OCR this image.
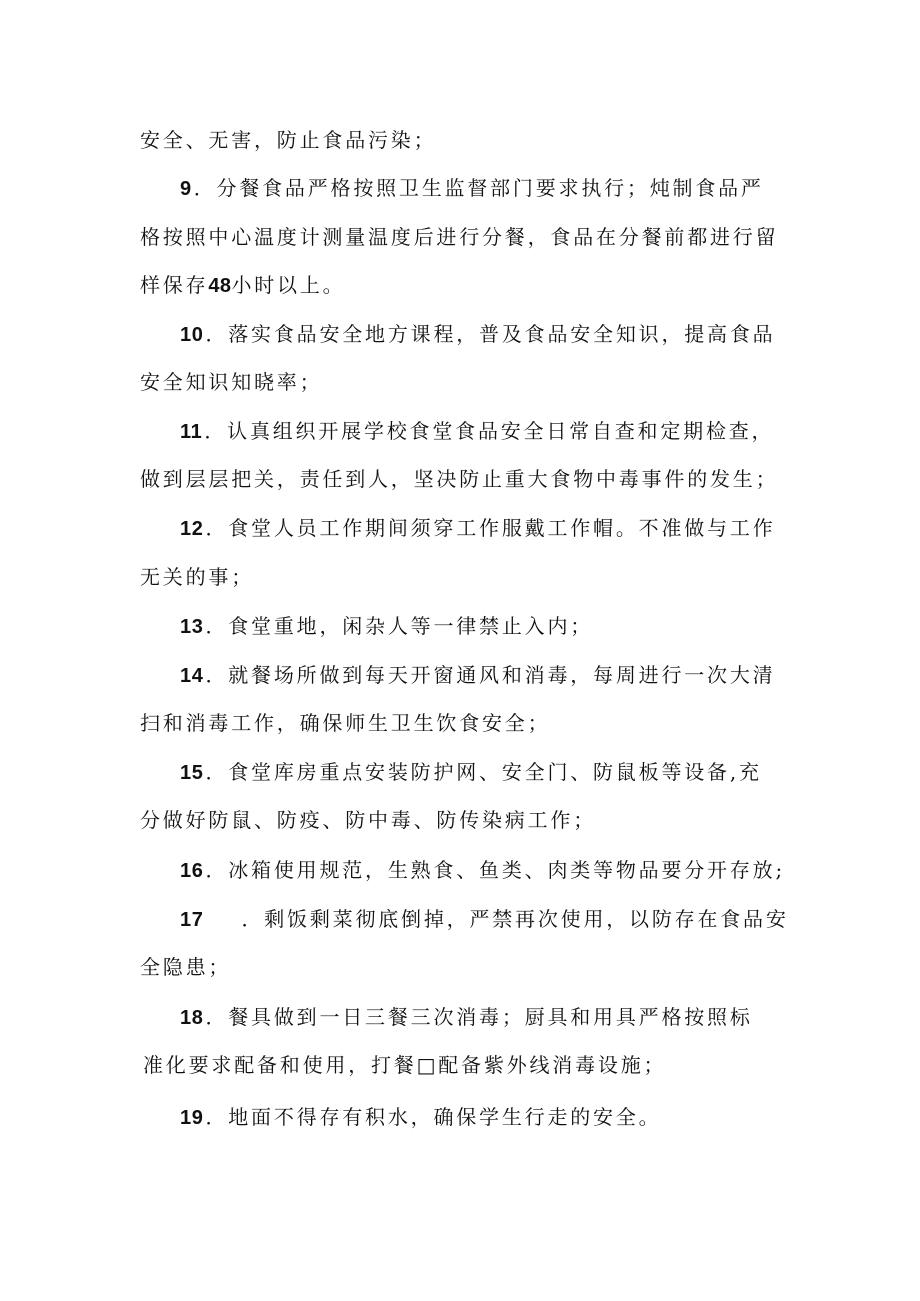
安全、无害，防止食品污染；
9 ．分餐食品严格按照卫生监督部门要求执行；炖制食品严
格按照中心温度计测量温度后进行分餐，食品在分餐前都进行留
样保存48小时以上。
10 ．落实食品安全地方课程，普及食品安全知识，提高食品
安全知识知晓率；
11 ．认真组织开展学校食堂食品安全日常自查和定期检查，
做到层层把关，责任到人，坚决防止重大食物中毒事件的发生；
12 ．食堂人员工作期间须穿工作服戴工作帽。不准做与工作
无关的事；
13 ．食堂重地，闲杂人等一律禁止入内；
14 ．就餐场所做到每天开窗通风和消毒，每周进行一次大清
扫和消毒工作，确保师生卫生饮食安全；
15 ．食堂库房重点安装防护网、安全门、防鼠板等设备,充
分做好防鼠、防疫、防中毒、防传染病工作；
16 ．冰箱使用规范，生熟食、鱼类、肉类等物品要分开存放;
17 ．剩饭剩菜彻底倒掉，严禁再次使用，以防存在食品安
全隐患；
18 ．餐具做到一日三餐三次消毒；厨具和用具严格按照标
准化要求配备和使用，打餐□配备紫外线消毒设施；
19 ．地面不得存有积水，确保学生行走的安全。
